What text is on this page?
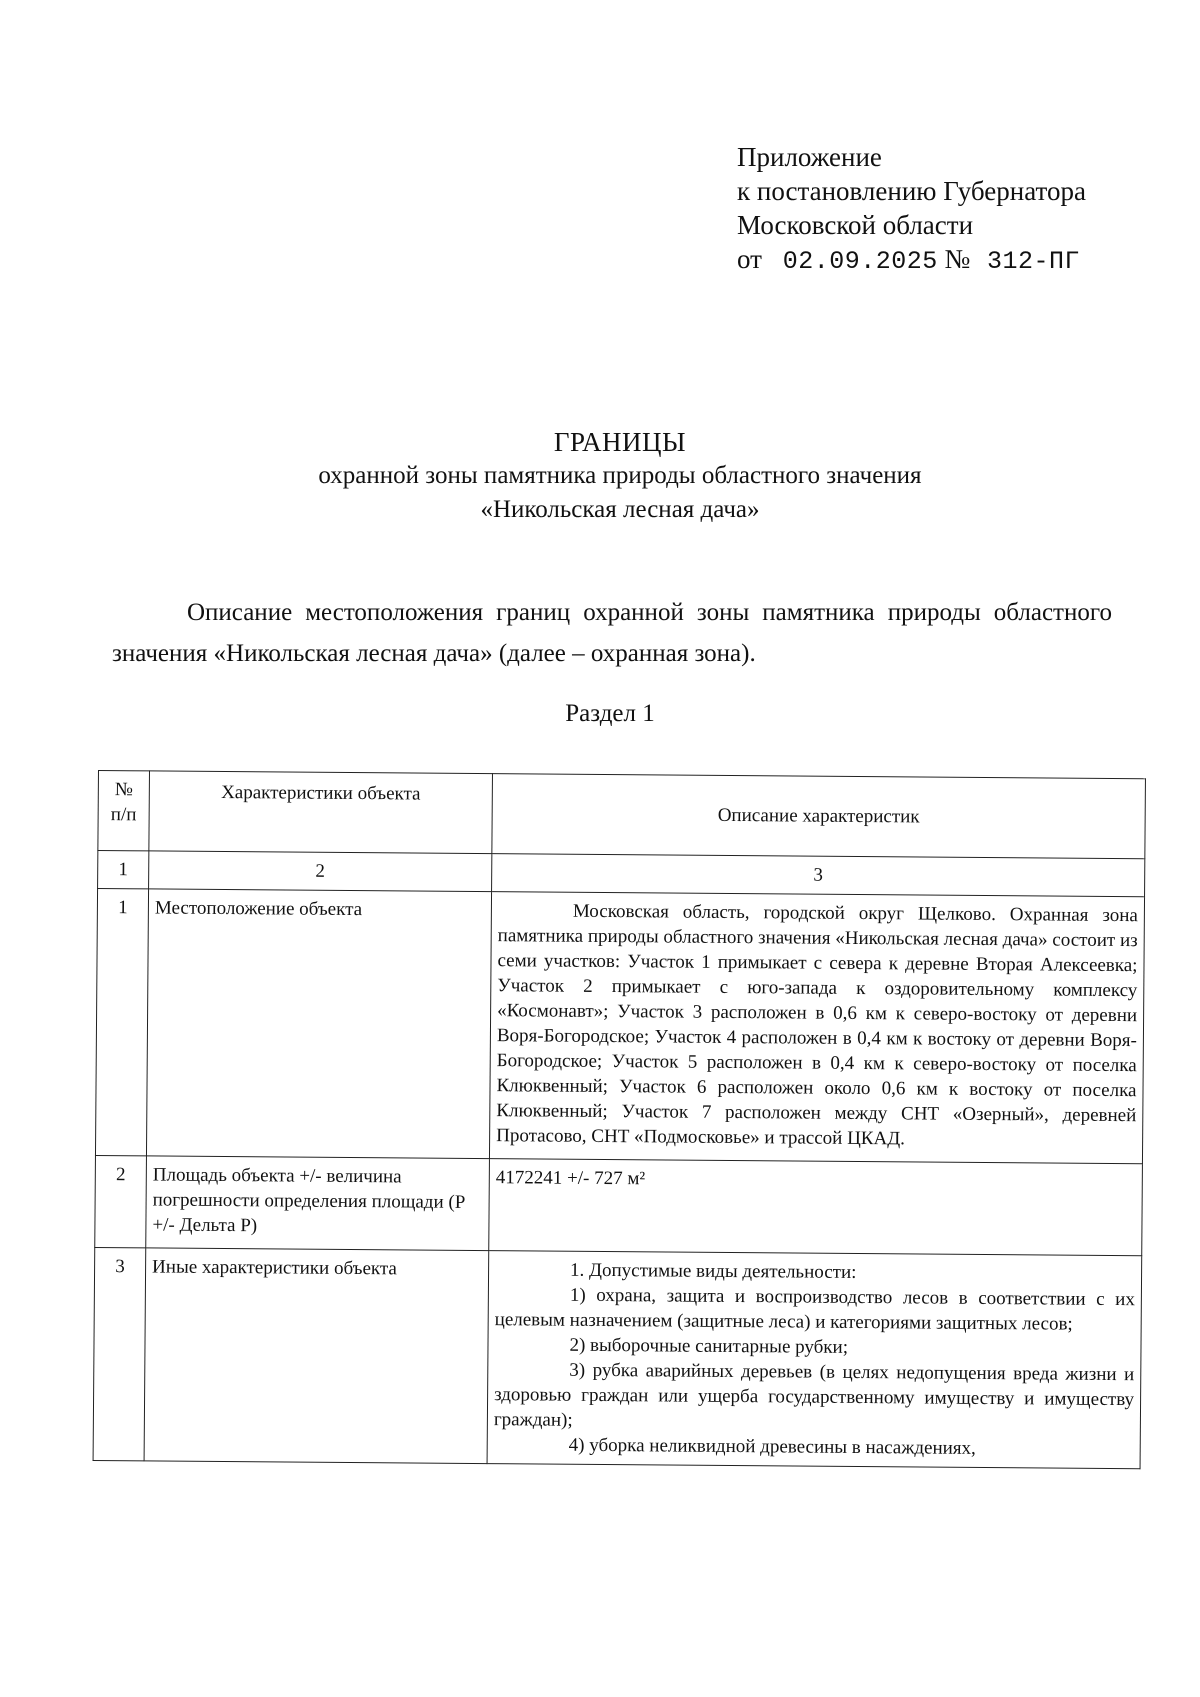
Приложение
к постановлению Губернатора
Московской области
от 02.09.2025 № 312-ПГ
ГРАНИЦЫ
охранной зоны памятника природы областного значения
«Никольская лесная дача»
Описание местоположения границ охранной зоны памятника природы областного значения «Никольская лесная дача» (далее – охранная зона).
Раздел 1
№ п/п	Характеристики объекта	Описание характеристик
1	2	3
1	Местоположение объекта	Московская область, городской округ Щелково. Охранная зона памятника природы областного значения «Никольская лесная дача» состоит из семи участков: Участок 1 примыкает с севера к деревне Вторая Алексеевка; Участок 2 примыкает с юго-запада к оздоровительному комплексу «Космонавт»; Участок 3 расположен в 0,6 км к северо-востоку от деревни Воря-Богородское; Участок 4 расположен в 0,4 км к востоку от деревни Воря-Богородское; Участок 5 расположен в 0,4 км к северо-востоку от поселка Клюквенный; Участок 6 расположен около 0,6 км к востоку от поселка Клюквенный; Участок 7 расположен между СНТ «Озерный», деревней Протасово, СНТ «Подмосковье» и трассой ЦКАД.
2	Площадь объекта +/- величина погрешности определения площади (P +/- Дельта P)	4172241 +/- 727 м²
3	Иные характеристики объекта	1. Допустимые виды деятельности:

1) охрана, защита и воспроизводство лесов в соответствии с их целевым назначением (защитные леса) и категориями защитных лесов;

2) выборочные санитарные рубки;

3) рубка аварийных деревьев (в целях недопущения вреда жизни и здоровью граждан или ущерба государственному имуществу и имуществу граждан);

4) уборка неликвидной древесины в насаждениях,
